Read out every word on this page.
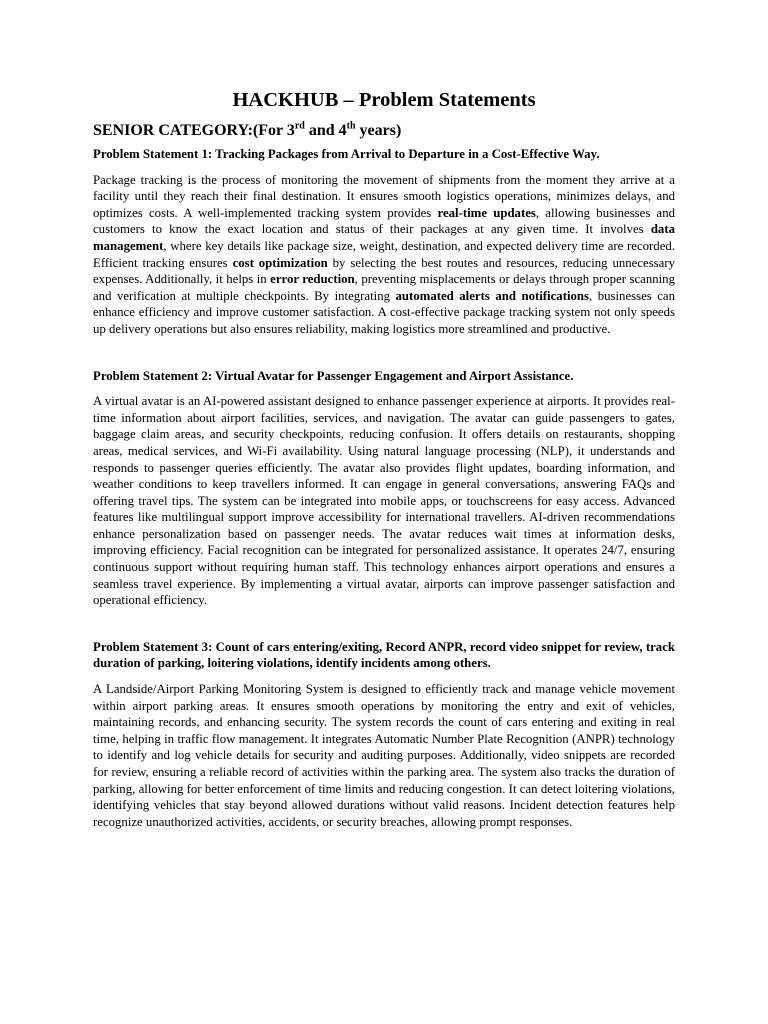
HACKHUB – Problem Statements
SENIOR CATEGORY:(For 3rd and 4th years)
Problem Statement 1: Tracking Packages from Arrival to Departure in a Cost-Effective Way.

Package tracking is the process of monitoring the movement of shipments from the moment they arrive at a facility until they reach their final destination. It ensures smooth logistics operations, minimizes delays, and optimizes costs. A well-implemented tracking system provides real-time updates, allowing businesses and customers to know the exact location and status of their packages at any given time. It involves data management, where key details like package size, weight, destination, and expected delivery time are recorded. Efficient tracking ensures cost optimization by selecting the best routes and resources, reducing unnecessary expenses. Additionally, it helps in error reduction, preventing misplacements or delays through proper scanning and verification at multiple checkpoints. By integrating automated alerts and notifications, businesses can enhance efficiency and improve customer satisfaction. A cost-effective package tracking system not only speeds up delivery operations but also ensures reliability, making logistics more streamlined and productive.

Problem Statement 2: Virtual Avatar for Passenger Engagement and Airport Assistance.

A virtual avatar is an AI-powered assistant designed to enhance passenger experience at airports. It provides real-time information about airport facilities, services, and navigation. The avatar can guide passengers to gates, baggage claim areas, and security checkpoints, reducing confusion. It offers details on restaurants, shopping areas, medical services, and Wi-Fi availability. Using natural language processing (NLP), it understands and responds to passenger queries efficiently. The avatar also provides flight updates, boarding information, and weather conditions to keep travellers informed. It can engage in general conversations, answering FAQs and offering travel tips. The system can be integrated into mobile apps, or touchscreens for easy access. Advanced features like multilingual support improve accessibility for international travellers. AI-driven recommendations enhance personalization based on passenger needs. The avatar reduces wait times at information desks, improving efficiency. Facial recognition can be integrated for personalized assistance. It operates 24/7, ensuring continuous support without requiring human staff. This technology enhances airport operations and ensures a seamless travel experience. By implementing a virtual avatar, airports can improve passenger satisfaction and operational efficiency.

Problem Statement 3: Count of cars entering/exiting, Record ANPR, record video snippet for review, track duration of parking, loitering violations, identify incidents among others.

A Landside/Airport Parking Monitoring System is designed to efficiently track and manage vehicle movement within airport parking areas. It ensures smooth operations by monitoring the entry and exit of vehicles, maintaining records, and enhancing security. The system records the count of cars entering and exiting in real time, helping in traffic flow management. It integrates Automatic Number Plate Recognition (ANPR) technology to identify and log vehicle details for security and auditing purposes. Additionally, video snippets are recorded for review, ensuring a reliable record of activities within the parking area. The system also tracks the duration of parking, allowing for better enforcement of time limits and reducing congestion. It can detect loitering violations, identifying vehicles that stay beyond allowed durations without valid reasons. Incident detection features help recognize unauthorized activities, accidents, or security breaches, allowing prompt responses.
